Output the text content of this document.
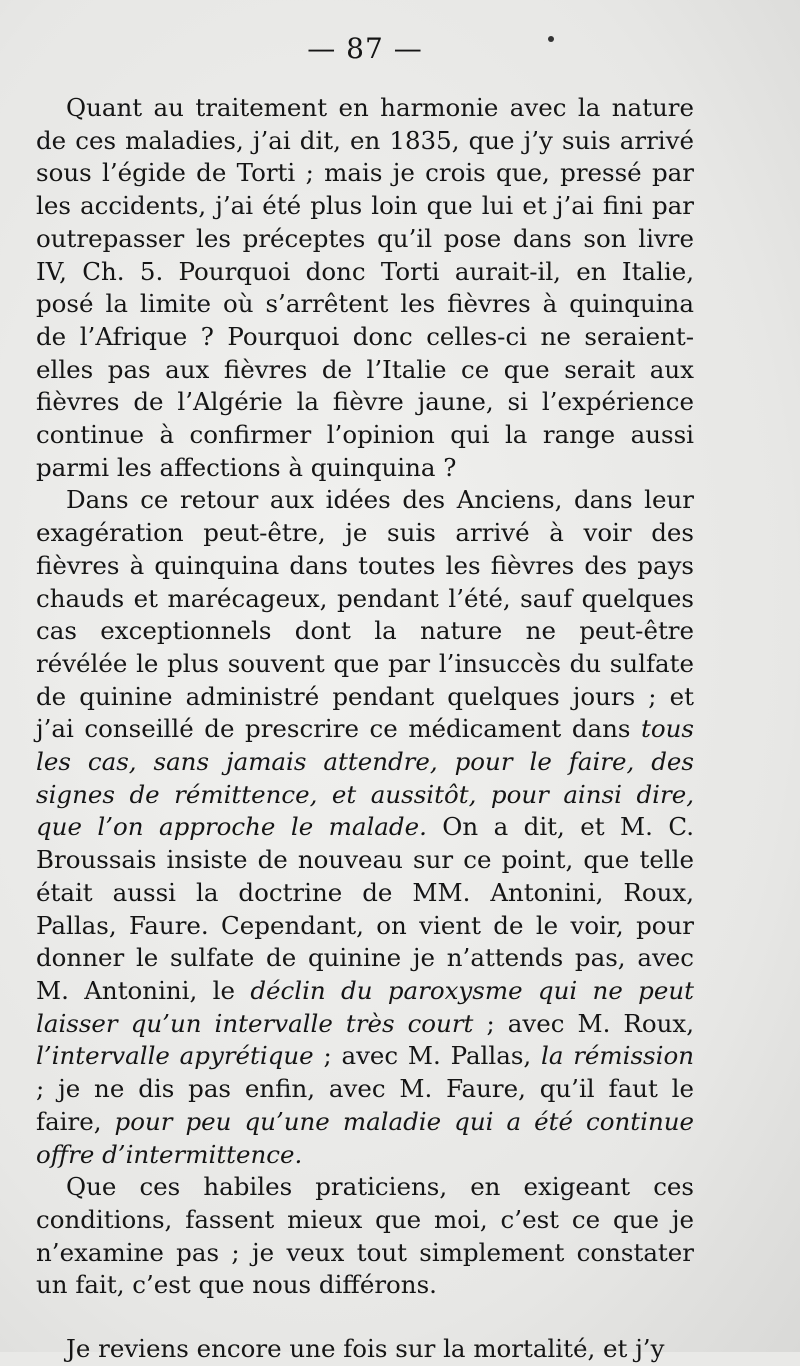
— 87 —

Quant au traitement en harmonie avec la nature de ces maladies, j’ai dit, en 1835, que j’y suis arrivé sous l’égide de Torti ; mais je crois que, pressé par les accidents, j’ai été plus loin que lui et j’ai fini par outrepasser les préceptes qu’il pose dans son livre IV, Ch. 5. Pourquoi donc Torti aurait-il, en Italie, posé la limite où s’arrêtent les fièvres à quinquina de l’Afrique ? Pourquoi donc celles-ci ne seraient-elles pas aux fièvres de l’Italie ce que serait aux fièvres de l’Algérie la fièvre jaune, si l’expérience continue à confirmer l’opinion qui la range aussi parmi les affections à quinquina ?

Dans ce retour aux idées des Anciens, dans leur exagération peut-être, je suis arrivé à voir des fièvres à quinquina dans toutes les fièvres des pays chauds et marécageux, pendant l’été, sauf quelques cas exceptionnels dont la nature ne peut-être révélée le plus souvent que par l’insuccès du sulfate de quinine administré pendant quelques jours ; et j’ai conseillé de prescrire ce médicament dans tous les cas, sans jamais attendre, pour le faire, des signes de rémittence, et aussitôt, pour ainsi dire, que l’on approche le malade. On a dit, et M. C. Broussais insiste de nouveau sur ce point, que telle était aussi la doctrine de MM. Antonini, Roux, Pallas, Faure. Cependant, on vient de le voir, pour donner le sulfate de quinine je n’attends pas, avec M. Antonini, le déclin du paroxysme qui ne peut laisser qu’un intervalle très court ; avec M. Roux, l’intervalle apyrétique ; avec M. Pallas, la rémission ; je ne dis pas enfin, avec M. Faure, qu’il faut le faire, pour peu qu’une maladie qui a été continue offre d’intermittence.

Que ces habiles praticiens, en exigeant ces conditions, fassent mieux que moi, c’est ce que je n’examine pas ; je veux tout simplement constater un fait, c’est que nous différons.

Je reviens encore une fois sur la mortalité, et j’y
